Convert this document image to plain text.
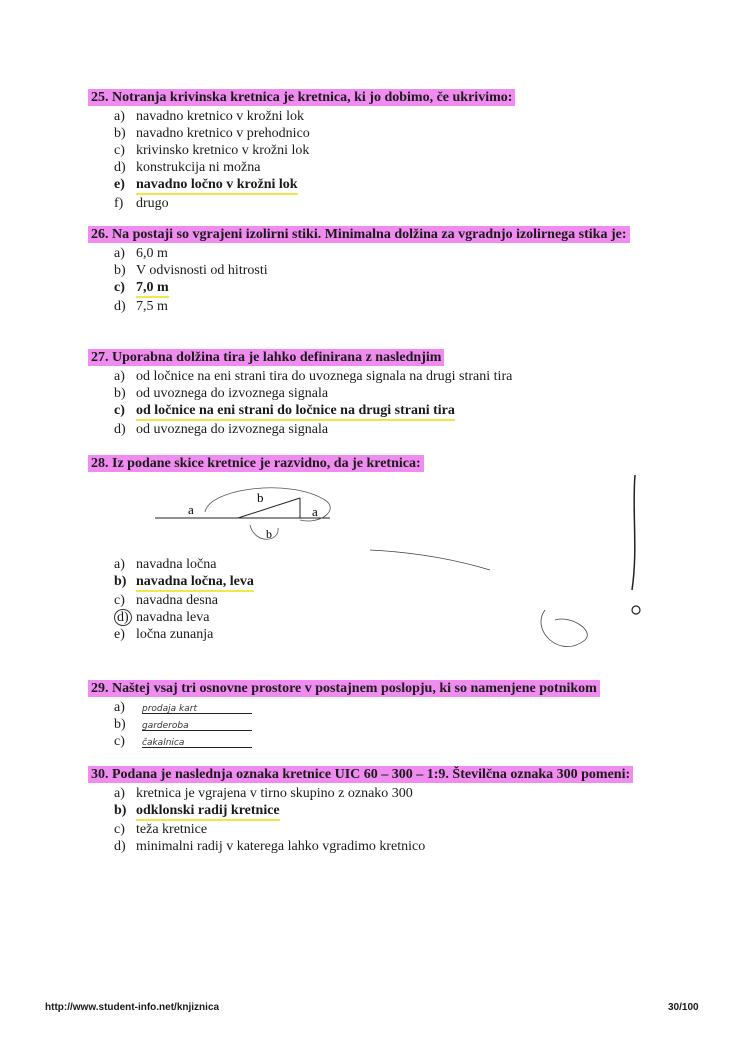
25. Notranja krivinska kretnica je kretnica, ki jo dobimo, če ukrivimo:
a) navadno kretnico v krožni lok
b) navadno kretnico v prehodnico
c) krivinsko kretnico v krožni lok
d) konstrukcija ni možna
e) navadno ločno v krožni lok
f) drugo
26. Na postaji so vgrajeni izolirni stiki. Minimalna dolžina za vgradnjo izolirnega stika je:
a) 6,0 m
b) V odvisnosti od hitrosti
c) 7,0 m
d) 7,5 m
27. Uporabna dolžina tira je lahko definirana z naslednjim
a) od ločnice na eni strani tira do uvoznega signala na drugi strani tira
b) od uvoznega do izvoznega signala
c) od ločnice na eni strani do ločnice na drugi strani tira
d) od uvoznega do izvoznega signala
28. Iz podane skice kretnice je razvidno, da je kretnica:
a
b
a
b
a) navadna ločna
b) navadna ločna, leva
c) navadna desna
d) navadna leva
e) ločna zunanja
29. Naštej vsaj tri osnovne prostore v postajnem poslopju, ki so namenjene potnikom
a)	prodaja kart
b)	garderoba
c)	čakalnica
30. Podana je naslednja oznaka kretnice UIC 60 – 300 – 1:9. Številčna oznaka 300 pomeni:
a) kretnica je vgrajena v tirno skupino z oznako 300
b) odklonski radij kretnice
c) teža kretnice
d) minimalni radij v katerega lahko vgradimo kretnico
http://www.student-info.net/knjiznica	30/100
